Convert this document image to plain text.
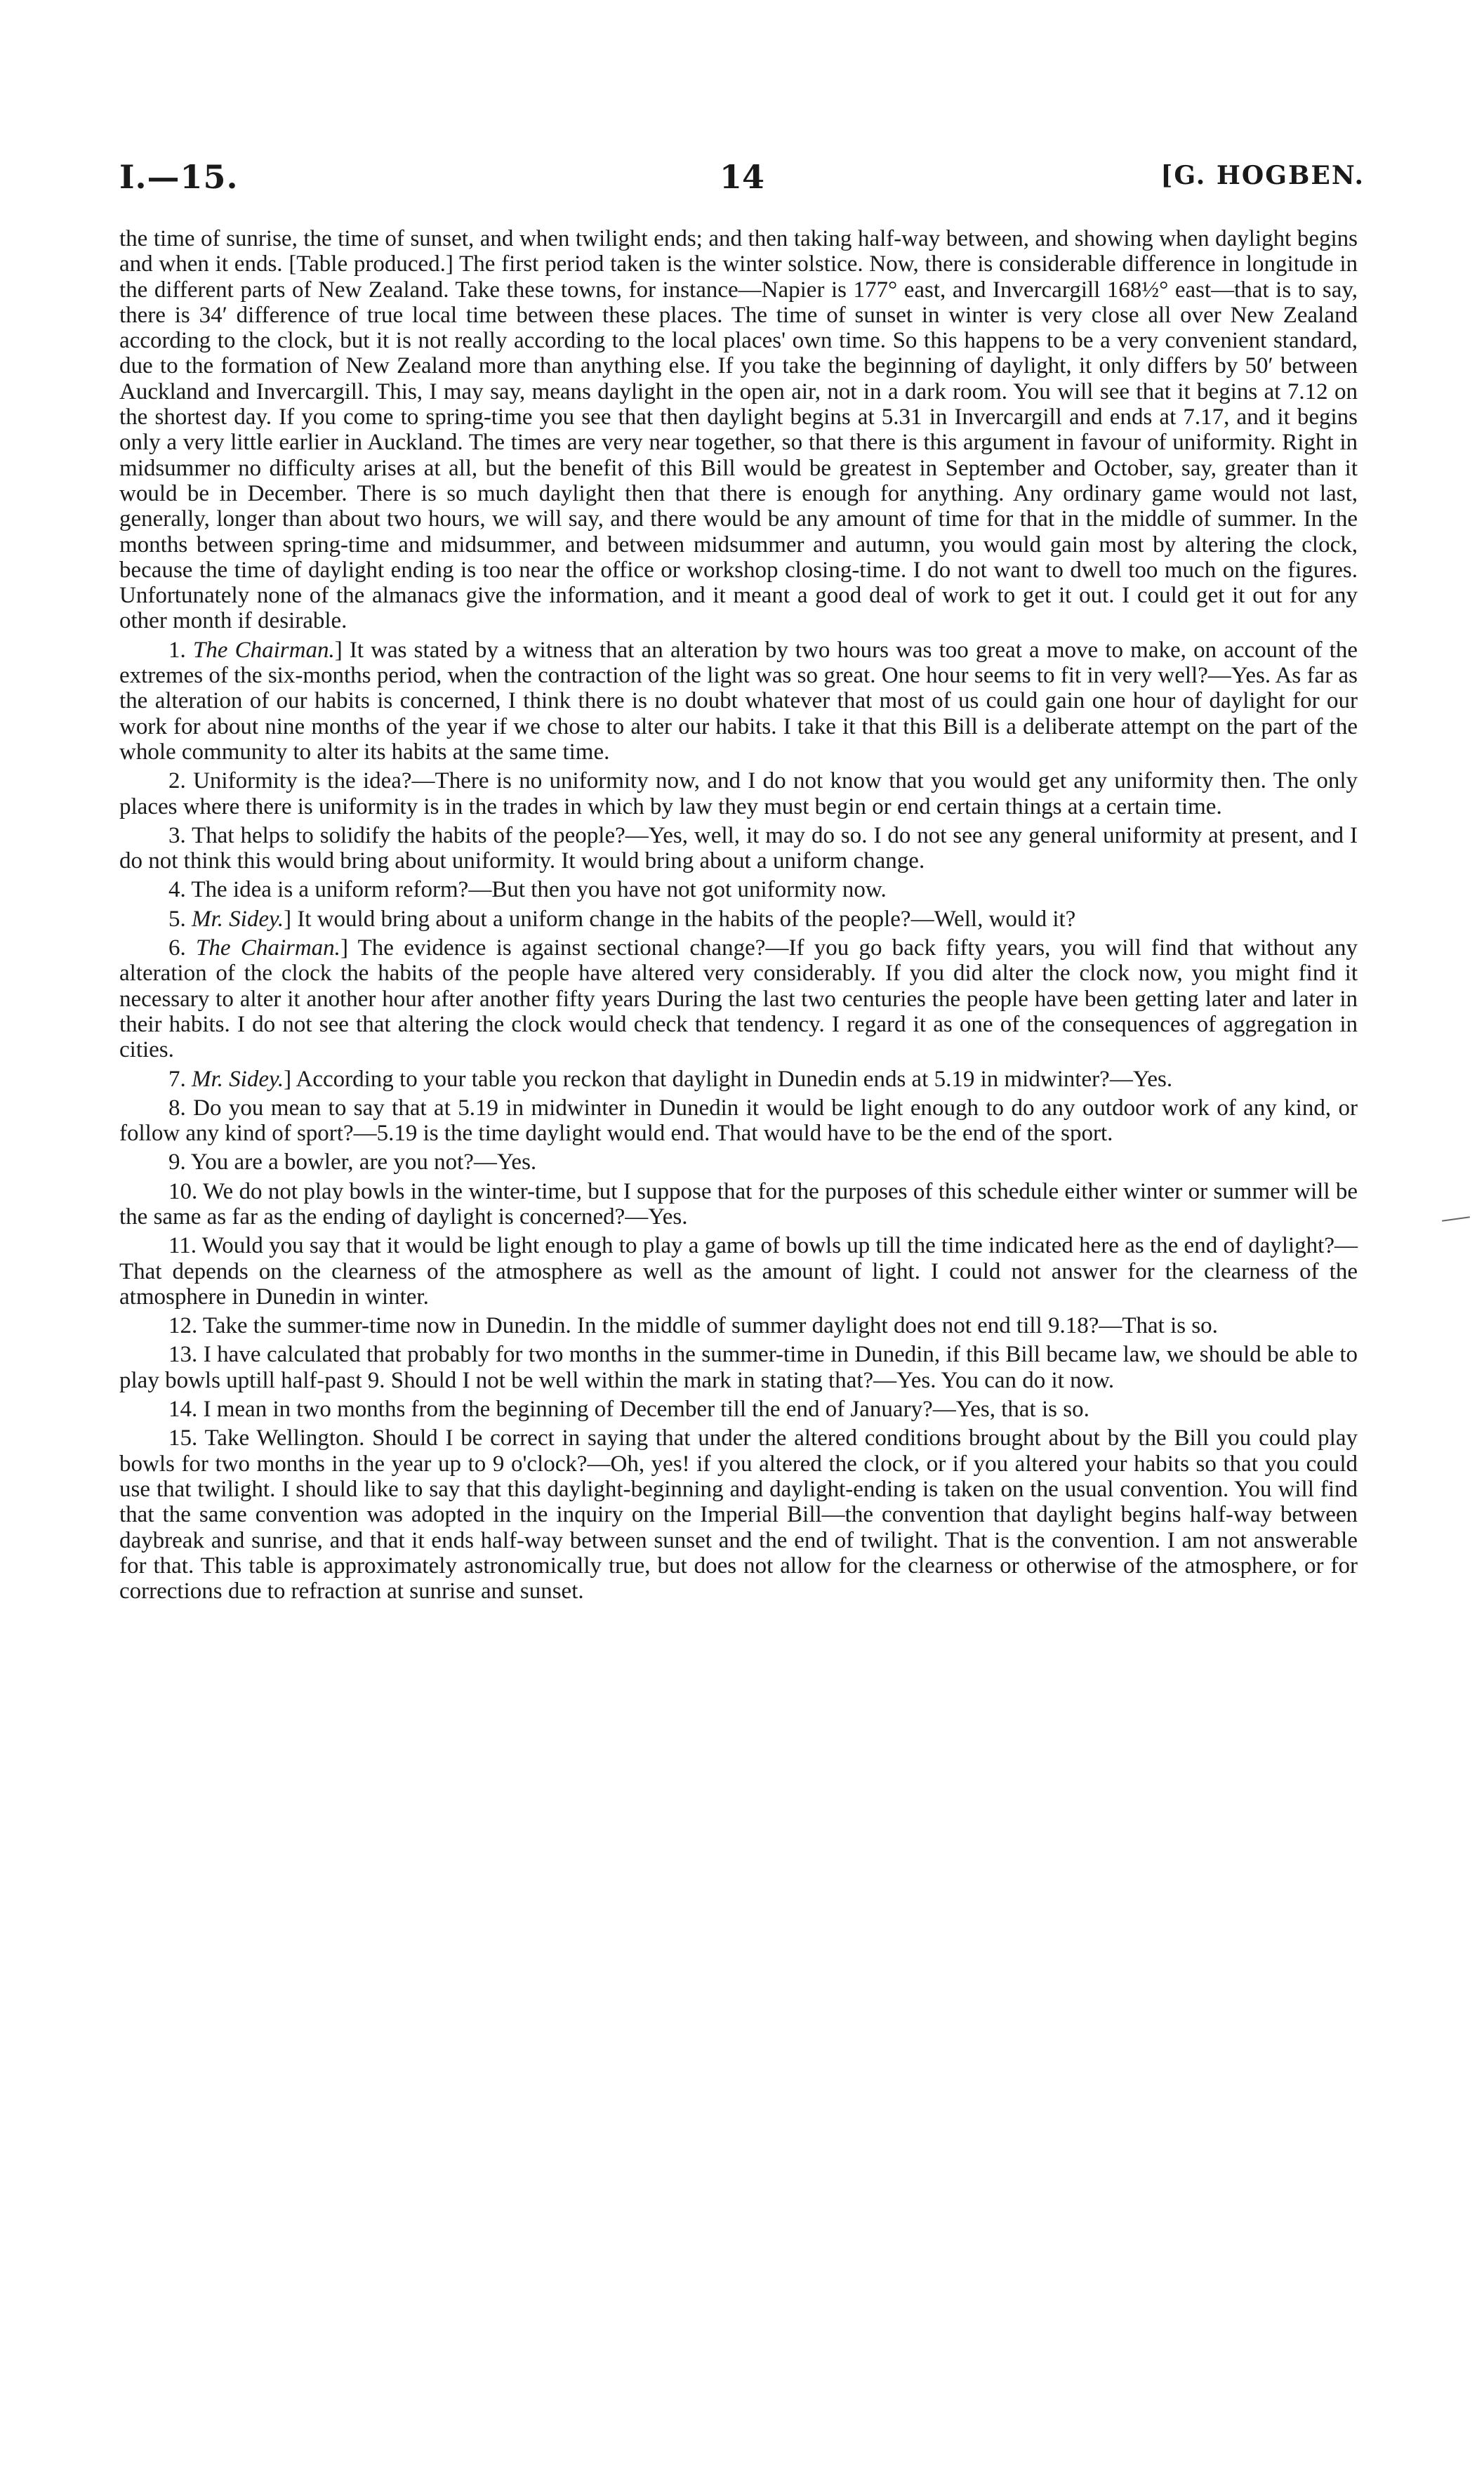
I.—15.	14	[G. HOGBEN.

the time of sunrise, the time of sunset, and when twilight ends; and then taking half-way between, and showing when daylight begins and when it ends. [Table produced.] The first period taken is the winter solstice. Now, there is considerable difference in longitude in the different parts of New Zealand. Take these towns, for instance—Napier is 177° east, and Invercargill 168½° east—that is to say, there is 34′ difference of true local time between these places. The time of sunset in winter is very close all over New Zealand according to the clock, but it is not really according to the local places' own time. So this happens to be a very convenient standard, due to the formation of New Zealand more than anything else. If you take the beginning of daylight, it only differs by 50′ between Auckland and Invercargill. This, I may say, means daylight in the open air, not in a dark room. You will see that it begins at 7.12 on the shortest day. If you come to spring-time you see that then daylight begins at 5.31 in Invercargill and ends at 7.17, and it begins only a very little earlier in Auckland. The times are very near together, so that there is this argument in favour of uniformity. Right in midsummer no difficulty arises at all, but the benefit of this Bill would be greatest in September and October, say, greater than it would be in December. There is so much daylight then that there is enough for anything. Any ordinary game would not last, generally, longer than about two hours, we will say, and there would be any amount of time for that in the middle of summer. In the months between spring-time and midsummer, and between midsummer and autumn, you would gain most by altering the clock, because the time of daylight ending is too near the office or workshop closing-time. I do not want to dwell too much on the figures. Unfortunately none of the almanacs give the information, and it meant a good deal of work to get it out. I could get it out for any other month if desirable.

1. The Chairman.] It was stated by a witness that an alteration by two hours was too great a move to make, on account of the extremes of the six-months period, when the contraction of the light was so great. One hour seems to fit in very well?—Yes. As far as the alteration of our habits is concerned, I think there is no doubt whatever that most of us could gain one hour of daylight for our work for about nine months of the year if we chose to alter our habits. I take it that this Bill is a deliberate attempt on the part of the whole community to alter its habits at the same time.

2. Uniformity is the idea?—There is no uniformity now, and I do not know that you would get any uniformity then. The only places where there is uniformity is in the trades in which by law they must begin or end certain things at a certain time.

3. That helps to solidify the habits of the people?—Yes, well, it may do so. I do not see any general uniformity at present, and I do not think this would bring about uniformity. It would bring about a uniform change.

4. The idea is a uniform reform?—But then you have not got uniformity now.

5. Mr. Sidey.] It would bring about a uniform change in the habits of the people?—Well, would it?

6. The Chairman.] The evidence is against sectional change?—If you go back fifty years, you will find that without any alteration of the clock the habits of the people have altered very considerably. If you did alter the clock now, you might find it necessary to alter it another hour after another fifty years During the last two centuries the people have been getting later and later in their habits. I do not see that altering the clock would check that tendency. I regard it as one of the consequences of aggregation in cities.

7. Mr. Sidey.] According to your table you reckon that daylight in Dunedin ends at 5.19 in midwinter?—Yes.

8. Do you mean to say that at 5.19 in midwinter in Dunedin it would be light enough to do any outdoor work of any kind, or follow any kind of sport?—5.19 is the time daylight would end. That would have to be the end of the sport.

9. You are a bowler, are you not?—Yes.

10. We do not play bowls in the winter-time, but I suppose that for the purposes of this schedule either winter or summer will be the same as far as the ending of daylight is concerned?—Yes.

11. Would you say that it would be light enough to play a game of bowls up till the time indicated here as the end of daylight?—That depends on the clearness of the atmosphere as well as the amount of light. I could not answer for the clearness of the atmosphere in Dunedin in winter.

12. Take the summer-time now in Dunedin. In the middle of summer daylight does not end till 9.18?—That is so.

13. I have calculated that probably for two months in the summer-time in Dunedin, if this Bill became law, we should be able to play bowls uptill half-past 9. Should I not be well within the mark in stating that?—Yes. You can do it now.

14. I mean in two months from the beginning of December till the end of January?—Yes, that is so.

15. Take Wellington. Should I be correct in saying that under the altered conditions brought about by the Bill you could play bowls for two months in the year up to 9 o'clock?—Oh, yes! if you altered the clock, or if you altered your habits so that you could use that twilight. I should like to say that this daylight-beginning and daylight-ending is taken on the usual convention. You will find that the same convention was adopted in the inquiry on the Imperial Bill—the convention that daylight begins half-way between daybreak and sunrise, and that it ends half-way between sunset and the end of twilight. That is the convention. I am not answerable for that. This table is approximately astronomically true, but does not allow for the clearness or otherwise of the atmosphere, or for corrections due to refraction at sunrise and sunset.
